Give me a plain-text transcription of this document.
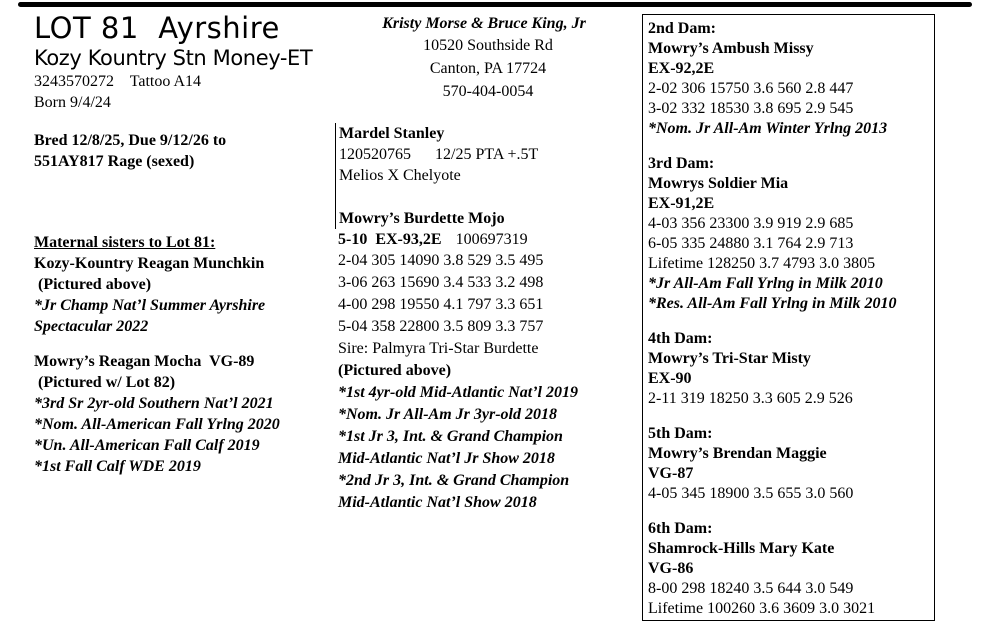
LOT 81  Ayrshire
Kozy Kountry Stn Money-ET
3243570272    Tattoo A14
Born 9/4/24
Bred 12/8/25, Due 9/12/26 to
551AY817 Rage (sexed)
Maternal sisters to Lot 81:
Kozy-Kountry Reagan Munchkin
(Pictured above)
*Jr Champ Nat’l Summer Ayrshire
Spectacular 2022
Mowry’s Reagan Mocha  VG-89
(Pictured w/ Lot 82)
*3rd Sr 2yr-old Southern Nat’l 2021
*Nom. All-American Fall Yrlng 2020
*Un. All-American Fall Calf 2019
*1st Fall Calf WDE 2019
Kristy Morse & Bruce King, Jr
10520 Southside Rd
Canton, PA 17724
570-404-0054
Mardel Stanley
120520765      12/25 PTA +.5T
Melios X Chelyote
Mowry’s Burdette Mojo
5-10  EX-93,2E 100697319
2-04 305 14090 3.8 529 3.5 495
3-06 263 15690 3.4 533 3.2 498
4-00 298 19550 4.1 797 3.3 651
5-04 358 22800 3.5 809 3.3 757
Sire: Palmyra Tri-Star Burdette
(Pictured above)
*1st 4yr-old Mid-Atlantic Nat’l 2019
*Nom. Jr All-Am Jr 3yr-old 2018
*1st Jr 3, Int. & Grand Champion
Mid-Atlantic Nat’l Jr Show 2018
*2nd Jr 3, Int. & Grand Champion
Mid-Atlantic Nat’l Show 2018
2nd Dam:
Mowry’s Ambush Missy
EX-92,2E
2-02 306 15750 3.6 560 2.8 447
3-02 332 18530 3.8 695 2.9 545
*Nom. Jr All-Am Winter Yrlng 2013
3rd Dam:
Mowrys Soldier Mia
EX-91,2E
4-03 356 23300 3.9 919 2.9 685
6-05 335 24880 3.1 764 2.9 713
Lifetime 128250 3.7 4793 3.0 3805
*Jr All-Am Fall Yrlng in Milk 2010
*Res. All-Am Fall Yrlng in Milk 2010
4th Dam:
Mowry’s Tri-Star Misty
EX-90
2-11 319 18250 3.3 605 2.9 526
5th Dam:
Mowry’s Brendan Maggie
VG-87
4-05 345 18900 3.5 655 3.0 560
6th Dam:
Shamrock-Hills Mary Kate
VG-86
8-00 298 18240 3.5 644 3.0 549
Lifetime 100260 3.6 3609 3.0 3021
